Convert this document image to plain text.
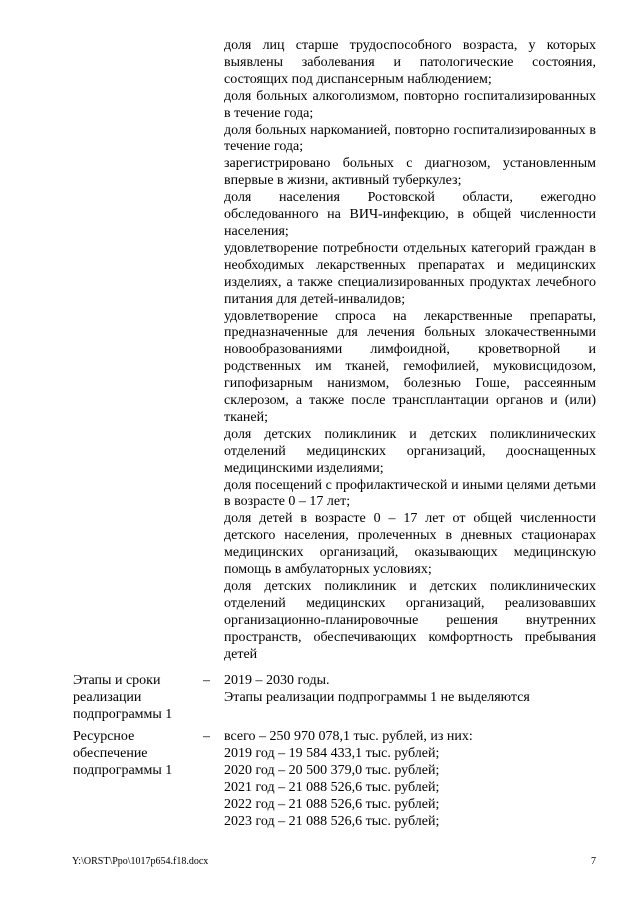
доля лиц старше трудоспособного возраста, у которых выявлены заболевания и патологические состояния, состоящих под диспансерным наблюдением;

доля больных алкоголизмом, повторно госпитализированных в течение года;

доля больных наркоманией, повторно госпитализированных в течение года;

зарегистрировано больных с диагнозом, установленным впервые в жизни, активный туберкулез;

доля населения Ростовской области, ежегодно обследованного на ВИЧ-инфекцию, в общей численности населения;

удовлетворение потребности отдельных категорий граждан в необходимых лекарственных препаратах и медицинских изделиях, а также специализированных продуктах лечебного питания для детей-инвалидов;

удовлетворение спроса на лекарственные препараты, предназначенные для лечения больных злокачественными новообразованиями лимфоидной, кроветворной и родственных им тканей, гемофилией, муковисцидозом, гипофизарным нанизмом, болезнью Гоше, рассеянным склерозом, а также после трансплантации органов и (или) тканей;

доля детских поликлиник и детских поликлинических отделений медицинских организаций, дооснащенных медицинскими изделиями;

доля посещений с профилактической и иными целями детьми в возрасте 0 – 17 лет;

доля детей в возрасте 0 – 17 лет от общей численности детского населения, пролеченных в дневных стационарах медицинских организаций, оказывающих медицинскую помощь в амбулаторных условиях;

доля детских поликлиник и детских поликлинических отделений медицинских организаций, реализовавших организационно-планировочные решения внутренних пространств, обеспечивающих комфортность пребывания детей

Этапы и сроки реализации подпрограммы 1
– 2019 – 2030 годы.
Этапы реализации подпрограммы 1 не выделяются
Ресурсное обеспечение подпрограммы 1
– всего – 250 970 078,1 тыс. рублей, из них:
2019 год – 19 584 433,1 тыс. рублей;
2020 год – 20 500 379,0 тыс. рублей;
2021 год – 21 088 526,6 тыс. рублей;
2022 год – 21 088 526,6 тыс. рублей;
2023 год – 21 088 526,6 тыс. рублей;
Y:\ORST\Ppo\1017p654.f18.docx	7
